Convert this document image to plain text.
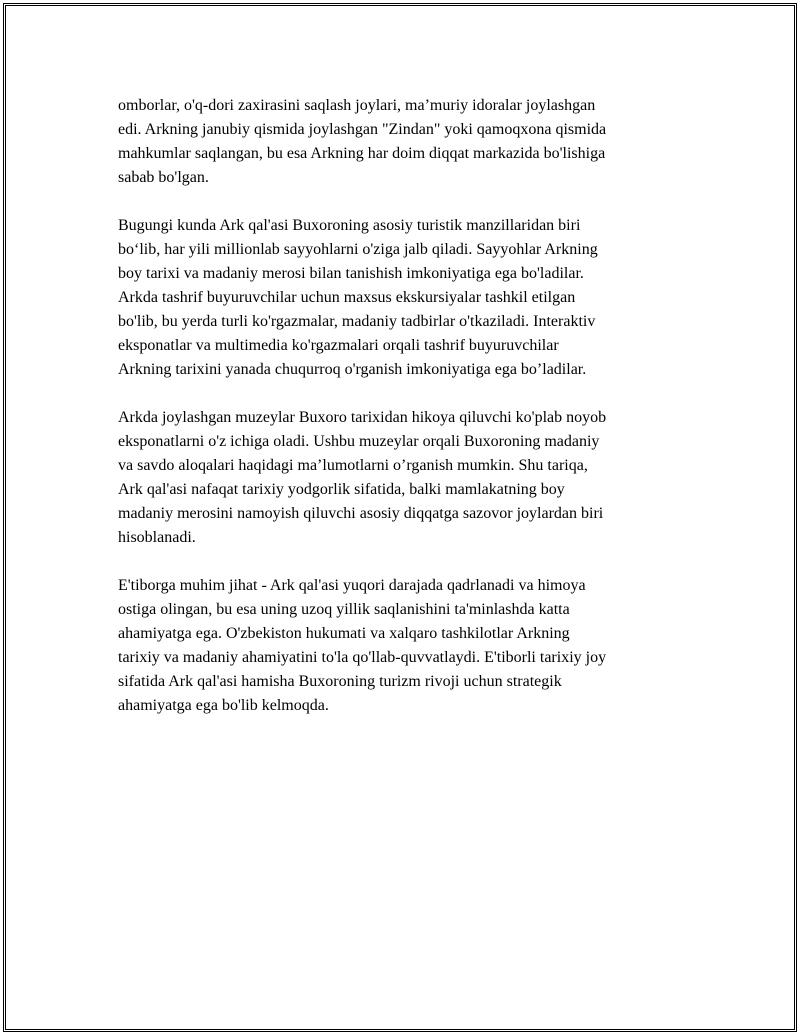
omborlar, o'q-dori zaxirasini saqlash joylari, ma’muriy idoralar joylashgan
edi. Arkning janubiy qismida joylashgan "Zindan" yoki qamoqxona qismida
mahkumlar saqlangan, bu esa Arkning har doim diqqat markazida bo'lishiga
sabab bo'lgan.

Bugungi kunda Ark qal'asi Buxoroning asosiy turistik manzillaridan biri
bo‘lib, har yili millionlab sayyohlarni o'ziga jalb qiladi. Sayyohlar Arkning
boy tarixi va madaniy merosi bilan tanishish imkoniyatiga ega bo'ladilar.
Arkda tashrif buyuruvchilar uchun maxsus ekskursiyalar tashkil etilgan
bo'lib, bu yerda turli ko'rgazmalar, madaniy tadbirlar o'tkaziladi. Interaktiv
eksponatlar va multimedia ko'rgazmalari orqali tashrif buyuruvchilar
Arkning tarixini yanada chuqurroq o'rganish imkoniyatiga ega bo’ladilar.

Arkda joylashgan muzeylar Buxoro tarixidan hikoya qiluvchi ko'plab noyob
eksponatlarni o'z ichiga oladi. Ushbu muzeylar orqali Buxoroning madaniy
va savdo aloqalari haqidagi ma’lumotlarni o’rganish mumkin. Shu tariqa,
Ark qal'asi nafaqat tarixiy yodgorlik sifatida, balki mamlakatning boy
madaniy merosini namoyish qiluvchi asosiy diqqatga sazovor joylardan biri
hisoblanadi.

E'tiborga muhim jihat - Ark qal'asi yuqori darajada qadrlanadi va himoya
ostiga olingan, bu esa uning uzoq yillik saqlanishini ta'minlashda katta
ahamiyatga ega. O'zbekiston hukumati va xalqaro tashkilotlar Arkning
tarixiy va madaniy ahamiyatini to'la qo'llab-quvvatlaydi. E'tiborli tarixiy joy
sifatida Ark qal'asi hamisha Buxoroning turizm rivoji uchun strategik
ahamiyatga ega bo'lib kelmoqda.
